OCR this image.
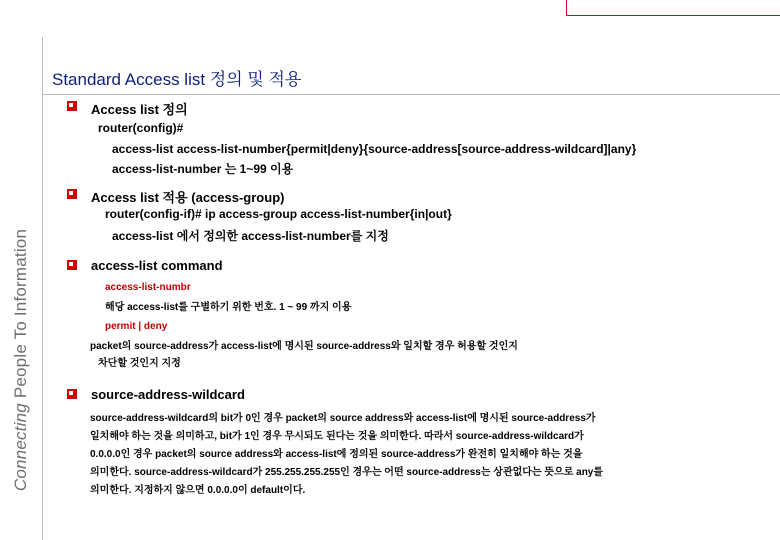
Connecting People To Information
Standard Access list 정의 및 적용
Access list 정의
router(config)#
access-list access-list-number{permit|deny}{source-address[source-address-wildcard]|any}
access-list-number 는 1~99 이용
Access list 적용 (access-group)
router(config-if)# ip access-group access-list-number{in|out}
access-list 에서 정의한 access-list-number를 지정
access-list command
access-list-numbr
해당 access-list를 구별하기 위한 번호. 1 ~ 99 까지 이용
permit | deny
packet의 source-address가 access-list에 명시된 source-address와 일치할 경우 허용할 것인지
차단할 것인지 지정
source-address-wildcard
source-address-wildcard의 bit가 0인 경우 packet의 source address와 access-list에 명시된 source-address가
일치해야 하는 것을 의미하고, bit가 1인 경우 무시되도 된다는 것을 의미한다. 따라서 source-address-wildcard가
0.0.0.0인 경우 packet의 source address와 access-list에 정의된 source-address가 완전히 일치해야 하는 것을
의미한다. source-address-wildcard가 255.255.255.255인 경우는 어떤 source-address는 상관없다는 뜻으로 any를
의미한다. 지정하지 않으면 0.0.0.0이 default이다.
